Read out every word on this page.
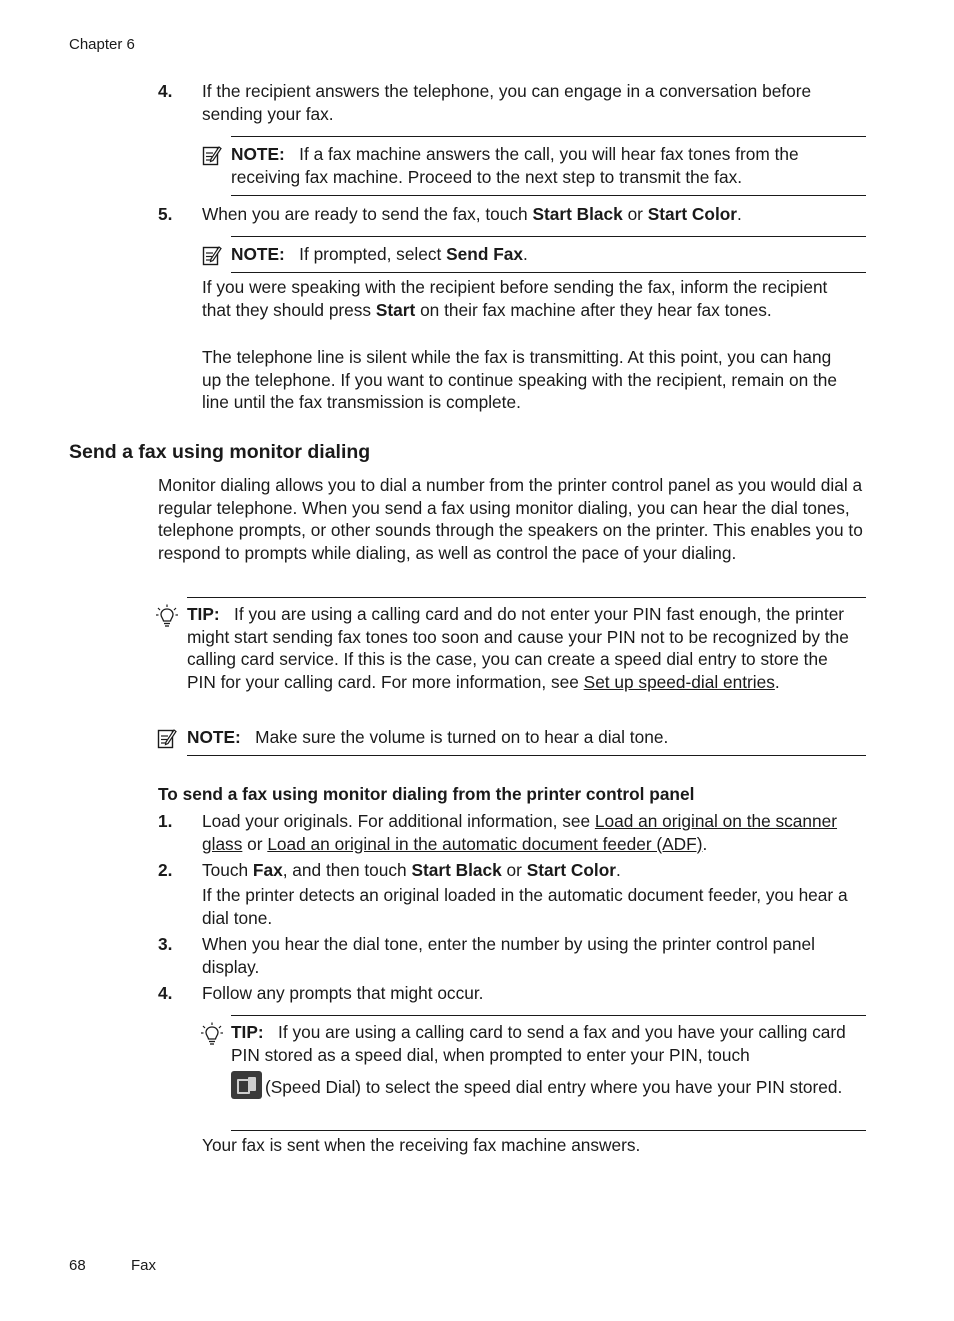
Chapter 6
4. If the recipient answers the telephone, you can engage in a conversation before sending your fax.
NOTE: If a fax machine answers the call, you will hear fax tones from the receiving fax machine. Proceed to the next step to transmit the fax.
5. When you are ready to send the fax, touch Start Black or Start Color.
NOTE: If prompted, select Send Fax.
If you were speaking with the recipient before sending the fax, inform the recipient that they should press Start on their fax machine after they hear fax tones.
The telephone line is silent while the fax is transmitting. At this point, you can hang up the telephone. If you want to continue speaking with the recipient, remain on the line until the fax transmission is complete.
Send a fax using monitor dialing
Monitor dialing allows you to dial a number from the printer control panel as you would dial a regular telephone. When you send a fax using monitor dialing, you can hear the dial tones, telephone prompts, or other sounds through the speakers on the printer. This enables you to respond to prompts while dialing, as well as control the pace of your dialing.
TIP: If you are using a calling card and do not enter your PIN fast enough, the printer might start sending fax tones too soon and cause your PIN not to be recognized by the calling card service. If this is the case, you can create a speed dial entry to store the PIN for your calling card. For more information, see Set up speed-dial entries.
NOTE: Make sure the volume is turned on to hear a dial tone.
To send a fax using monitor dialing from the printer control panel
1. Load your originals. For additional information, see Load an original on the scanner glass or Load an original in the automatic document feeder (ADF).
2. Touch Fax, and then touch Start Black or Start Color.
If the printer detects an original loaded in the automatic document feeder, you hear a dial tone.
3. When you hear the dial tone, enter the number by using the printer control panel display.
4. Follow any prompts that might occur.
TIP: If you are using a calling card to send a fax and you have your calling card PIN stored as a speed dial, when prompted to enter your PIN, touch
(Speed Dial) to select the speed dial entry where you have your PIN stored.
Your fax is sent when the receiving fax machine answers.
68	Fax
